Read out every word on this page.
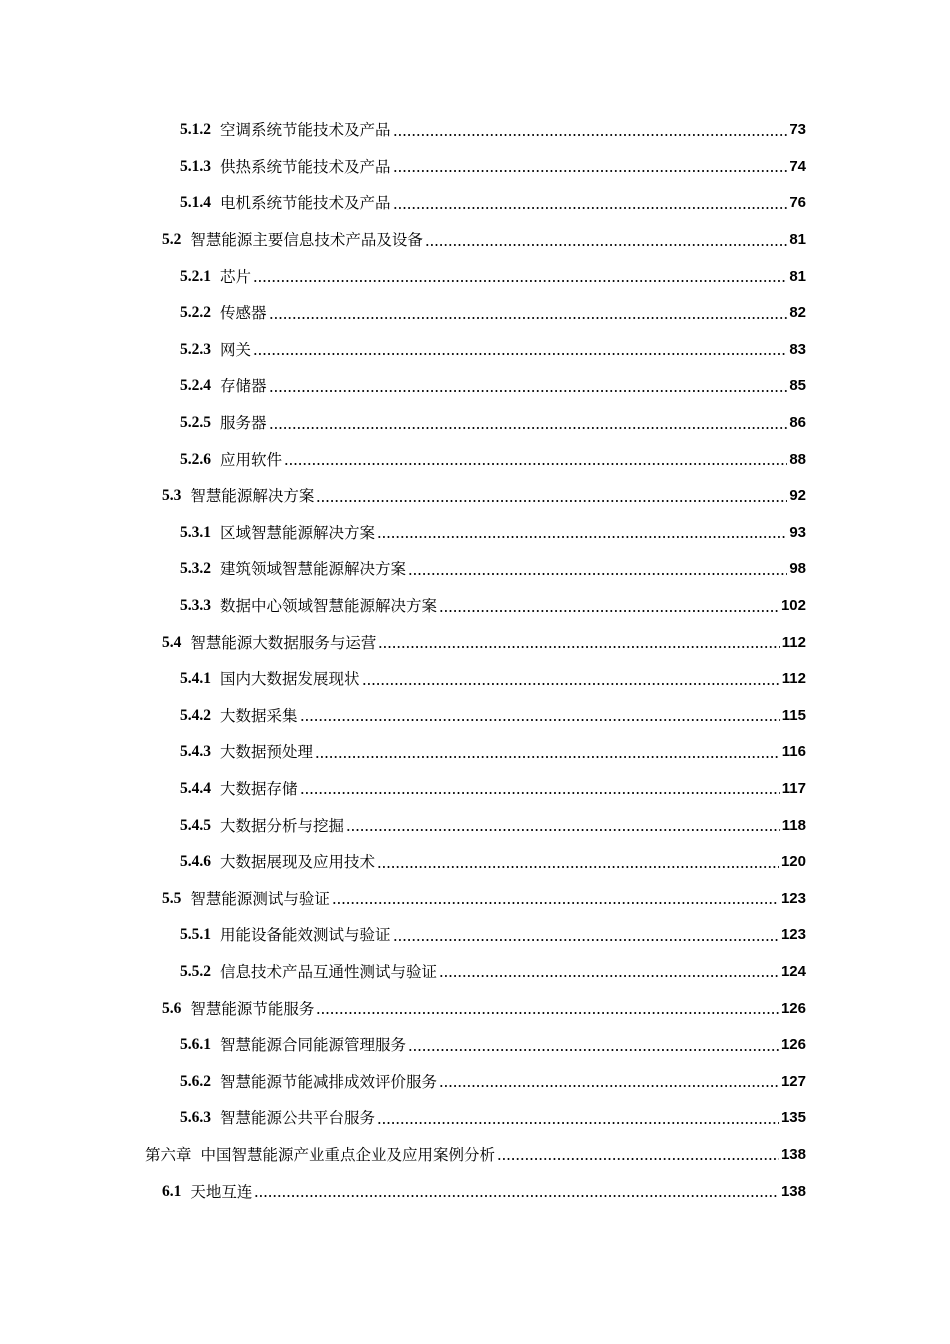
5.1.2 空调系统节能技术及产品	73
5.1.3 供热系统节能技术及产品	74
5.1.4 电机系统节能技术及产品	76
5.2 智慧能源主要信息技术产品及设备	81
5.2.1 芯片	81
5.2.2 传感器	82
5.2.3 网关	83
5.2.4 存储器	85
5.2.5 服务器	86
5.2.6 应用软件	88
5.3 智慧能源解决方案	92
5.3.1 区域智慧能源解决方案	93
5.3.2 建筑领域智慧能源解决方案	98
5.3.3 数据中心领域智慧能源解决方案	102
5.4 智慧能源大数据服务与运营	112
5.4.1 国内大数据发展现状	112
5.4.2 大数据采集	115
5.4.3 大数据预处理	116
5.4.4 大数据存储	117
5.4.5 大数据分析与挖掘	118
5.4.6 大数据展现及应用技术	120
5.5 智慧能源测试与验证	123
5.5.1 用能设备能效测试与验证	123
5.5.2 信息技术产品互通性测试与验证	124
5.6 智慧能源节能服务	126
5.6.1 智慧能源合同能源管理服务	126
5.6.2 智慧能源节能减排成效评价服务	127
5.6.3 智慧能源公共平台服务	135
第六章 中国智慧能源产业重点企业及应用案例分析	138
6.1 天地互连	138
